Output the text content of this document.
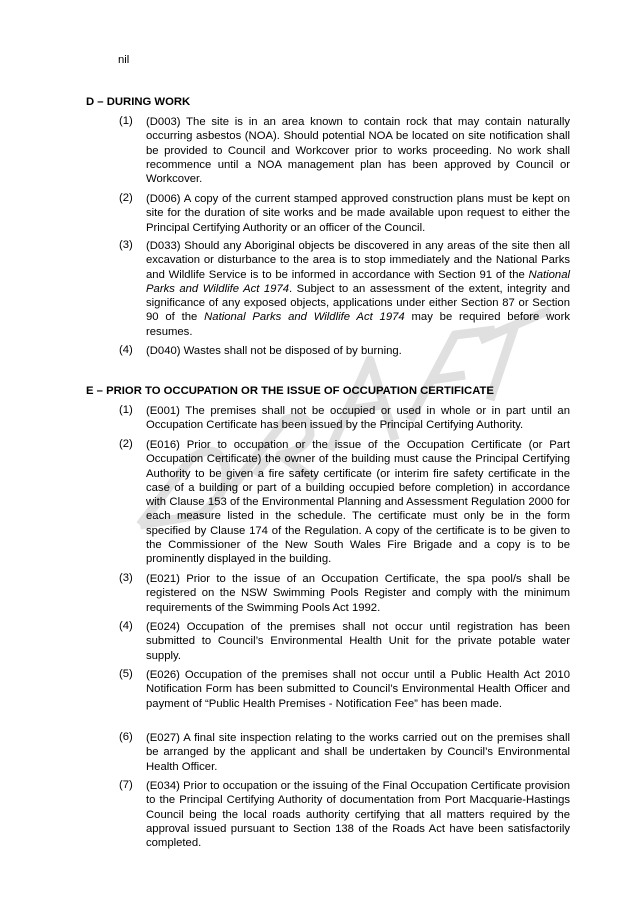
nil
D – DURING WORK
(1) (D003) The site is in an area known to contain rock that may contain naturally occurring asbestos (NOA). Should potential NOA be located on site notification shall be provided to Council and Workcover prior to works proceeding. No work shall recommence until a NOA management plan has been approved by Council or Workcover.
(2) (D006) A copy of the current stamped approved construction plans must be kept on site for the duration of site works and be made available upon request to either the Principal Certifying Authority or an officer of the Council.
(3) (D033) Should any Aboriginal objects be discovered in any areas of the site then all excavation or disturbance to the area is to stop immediately and the National Parks and Wildlife Service is to be informed in accordance with Section 91 of the National Parks and Wildlife Act 1974. Subject to an assessment of the extent, integrity and significance of any exposed objects, applications under either Section 87 or Section 90 of the National Parks and Wildlife Act 1974 may be required before work resumes.
(4) (D040) Wastes shall not be disposed of by burning.
E – PRIOR TO OCCUPATION OR THE ISSUE OF OCCUPATION CERTIFICATE
(1) (E001) The premises shall not be occupied or used in whole or in part until an Occupation Certificate has been issued by the Principal Certifying Authority.
(2) (E016) Prior to occupation or the issue of the Occupation Certificate (or Part Occupation Certificate) the owner of the building must cause the Principal Certifying Authority to be given a fire safety certificate (or interim fire safety certificate in the case of a building or part of a building occupied before completion) in accordance with Clause 153 of the Environmental Planning and Assessment Regulation 2000 for each measure listed in the schedule. The certificate must only be in the form specified by Clause 174 of the Regulation. A copy of the certificate is to be given to the Commissioner of the New South Wales Fire Brigade and a copy is to be prominently displayed in the building.
(3) (E021) Prior to the issue of an Occupation Certificate, the spa pool/s shall be registered on the NSW Swimming Pools Register and comply with the minimum requirements of the Swimming Pools Act 1992.
(4) (E024) Occupation of the premises shall not occur until registration has been submitted to Council’s Environmental Health Unit for the private potable water supply.
(5) (E026) Occupation of the premises shall not occur until a Public Health Act 2010 Notification Form has been submitted to Council’s Environmental Health Officer and payment of “Public Health Premises - Notification Fee” has been made.
(6) (E027) A final site inspection relating to the works carried out on the premises shall be arranged by the applicant and shall be undertaken by Council’s Environmental Health Officer.
(7) (E034) Prior to occupation or the issuing of the Final Occupation Certificate provision to the Principal Certifying Authority of documentation from Port Macquarie-Hastings Council being the local roads authority certifying that all matters required by the approval issued pursuant to Section 138 of the Roads Act have been satisfactorily completed.
